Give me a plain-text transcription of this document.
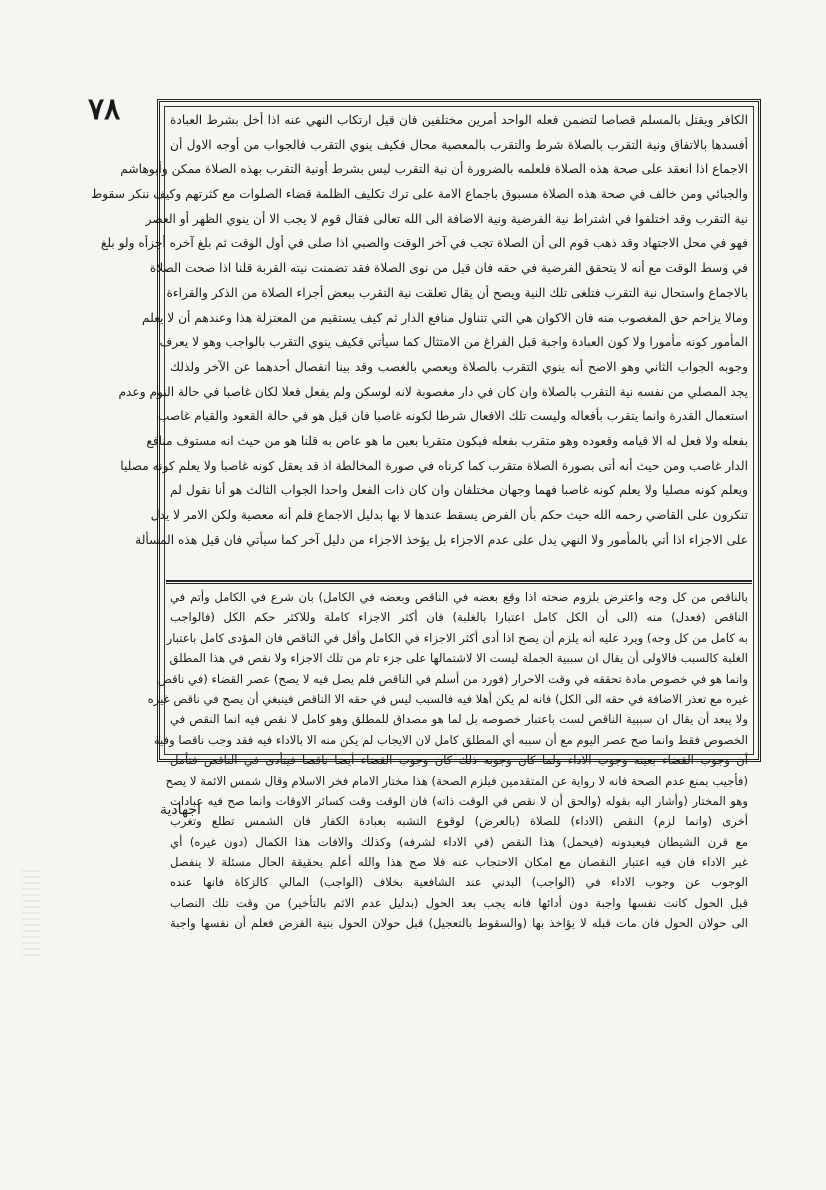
٧٨	الكافر ويقتل بالمسلم قصاصا لتضمن فعله الواحد أمرين مختلفين فان قيل ارتكاب النهي عنه اذا أخل بشرط العبادة
أفسدها بالاتفاق ونية التقرب بالصلاة شرط والتقرب بالمعصية محال فكيف ينوي التقرب فالجواب من أوجه الاول أن
الاجماع اذا انعقد على صحة هذه الصلاة فلعلمه بالضرورة أن نية التقرب ليس بشرط أونية التقرب بهذه الصلاة ممكن وأبوهاشم
والجبائي ومن خالف في صحة هذه الصلاة مسبوق باجماع الامة على ترك تكليف الظلمة قضاء الصلوات مع كثرتهم وكيف ننكر سقوط
نية التقرب وقد اختلفوا في اشتراط نية الفرضية ونية الاضافة الى الله تعالى فقال قوم لا يجب الا أن ينوي الظهر أو العصر
فهو في محل الاجتهاد وقد ذهب قوم الى أن الصلاة تجب في آخر الوقت والصبي اذا صلى في أول الوقت ثم بلغ آخره أجزأه ولو بلغ
في وسط الوقت مع أنه لا يتحقق الفرضية في حقه فان قيل من نوى الصلاة فقد تضمنت نيته القربة قلنا اذا صحت الصلاة
بالاجماع واستحال نية التقرب فتلغى تلك النية ويصح أن يقال تعلقت نية التقرب ببعض أجزاء الصلاة من الذكر والقراءة
ومالا يزاحم حق المغصوب منه فان الاكوان هي التي تتناول منافع الدار ثم كيف يستقيم من المعتزلة هذا وعندهم أن لا يعلم
المأمور كونه مأمورا ولا كون العبادة واجبة قبل الفراغ من الامتثال كما سيأتي فكيف ينوي التقرب بالواجب وهو لا يعرف
وجوبه الجواب الثاني وهو الاصح أنه ينوي التقرب بالصلاة ويعصي بالغصب وقد بينا انفصال أحدهما عن الآخر ولذلك
يجد المصلي من نفسه نية التقرب بالصلاة وان كان في دار مغصوبة لانه لوسكن ولم يفعل فعلا لكان غاصبا في حالة النوم وعدم
استعمال القدرة وانما يتقرب بأفعاله وليست تلك الافعال شرطا لكونه غاصبا فان قيل هو في حالة القعود والقيام غاصب
بفعله ولا فعل له الا قيامه وقعوده وهو متقرب بفعله فيكون متقربا بعين ما هو عاص به قلنا هو من حيث انه مستوف منافع
الدار غاصب ومن حيث أنه أتى بصورة الصلاة متقرب كما كرناه في صورة المخالطة اذ قد يعقل كونه غاصبا ولا يعلم كونه مصليا
ويعلم كونه مصليا ولا يعلم كونه غاصبا فهما وجهان مختلفان وان كان ذات الفعل واحدا الجواب الثالث هو أنا نقول لم
تنكرون على القاضي رحمه الله حيث حكم بأن الفرض يسقط عندها لا بها بدليل الاجماع فلم أنه معصية ولكن الامر لا يدل
على الاجزاء اذا أتي بالمأمور ولا النهي يدل على عدم الاجزاء بل يؤخذ الاجزاء من دليل آخر كما سيأتي فان قيل هذه المسألة
بالناقص من كل وجه واعترض بلزوم صحته اذا وقع بعضه في الناقص وبعضه في الكامل) بان شرع في الكامل وأتم في
الناقص (فعدل) منه (الى أن الكل كامل اعتبارا بالغلبة) فان أكثر الاجزاء كاملة وللاكثر حكم الكل (فالواجب
به كامل من كل وجه) ويرد عليه أنه يلزم أن يصح اذا أدى أكثر الاجزاء في الكامل وأقل في الناقص فان المؤدى كامل باعتبار
الغلبة كالسبب فالاولى أن يقال ان سببية الجملة ليست الا لاشتمالها على جزء تام من تلك الاجزاء ولا نقص في هذا المطلق
وانما هو في خصوص مادة تحققه في وقت الاحرار (فورد من أسلم في الناقص فلم يصل فيه لا يصح) عصر القضاء (في ناقص
غيره مع تعذر الاضافة في حقه الى الكل) فانه لم يكن أهلا فيه فالسبب ليس في حقه الا الناقص فينبغي أن يصح في ناقص غيره
ولا يبعد أن يقال ان سببية الناقص لست باعتبار خصوصه بل لما هو مصداق للمطلق وهو كامل لا نقص فيه انما النقص في
الخصوص فقط وانما صح عصر اليوم مع أن سببه أي المطلق كامل لان الايجاب لم يكن منه الا بالاداء فيه فقد وجب ناقصا وفيه
أن وجوب القضاء بعينه وجوب الاداء ولما كان وجوبه ذلك كان وجوب القضاء أيضا ناقصا فيتأدى في الناقص فتأمل
(فأجيب بمنع عدم الصحة فانه لا رواية عن المتقدمين فيلزم الصحة) هذا مختار الامام فخر الاسلام وقال شمس الائمة لا يصح
وهو المختار (وأشار اليه بقوله (والحق أن لا نقص في الوقت ذاته) فان الوقت وقت كسائر الاوقات وانما صح فيه عبادات
أخرى (وانما لزم) النقص (الاداء) للصلاة (بالعرض) لوقوع التشبه بعبادة الكفار فان الشمس تطلع وتغرب
مع قرن الشيطان فيعبدونه (فيحمل) هذا النقص (في الاداء لشرفه) وكذلك والافات هذا الكمال (دون غيره) أي
غير الاداء فان فيه اعتبار النقصان مع امكان الاحتجاب عنه فلا صح هذا والله أعلم بحقيقة الحال مسئلة لا ينفصل
الوجوب عن وجوب الاداء في (الواجب) البدني عند الشافعية بخلاف (الواجب) المالي كالزكاة فانها عنده
قبل الحول كانت نفسها واجبة دون أدائها فانه يجب بعد الحول (بدليل عدم الاثم بالتأخير) من وقت تلك النصاب
الى حولان الحول فان مات قبله لا يؤاخذ بها (والسقوط بالتعجيل) قبل حولان الحول بنية الفرض فعلم أن نفسها واجبة
اجهادية
